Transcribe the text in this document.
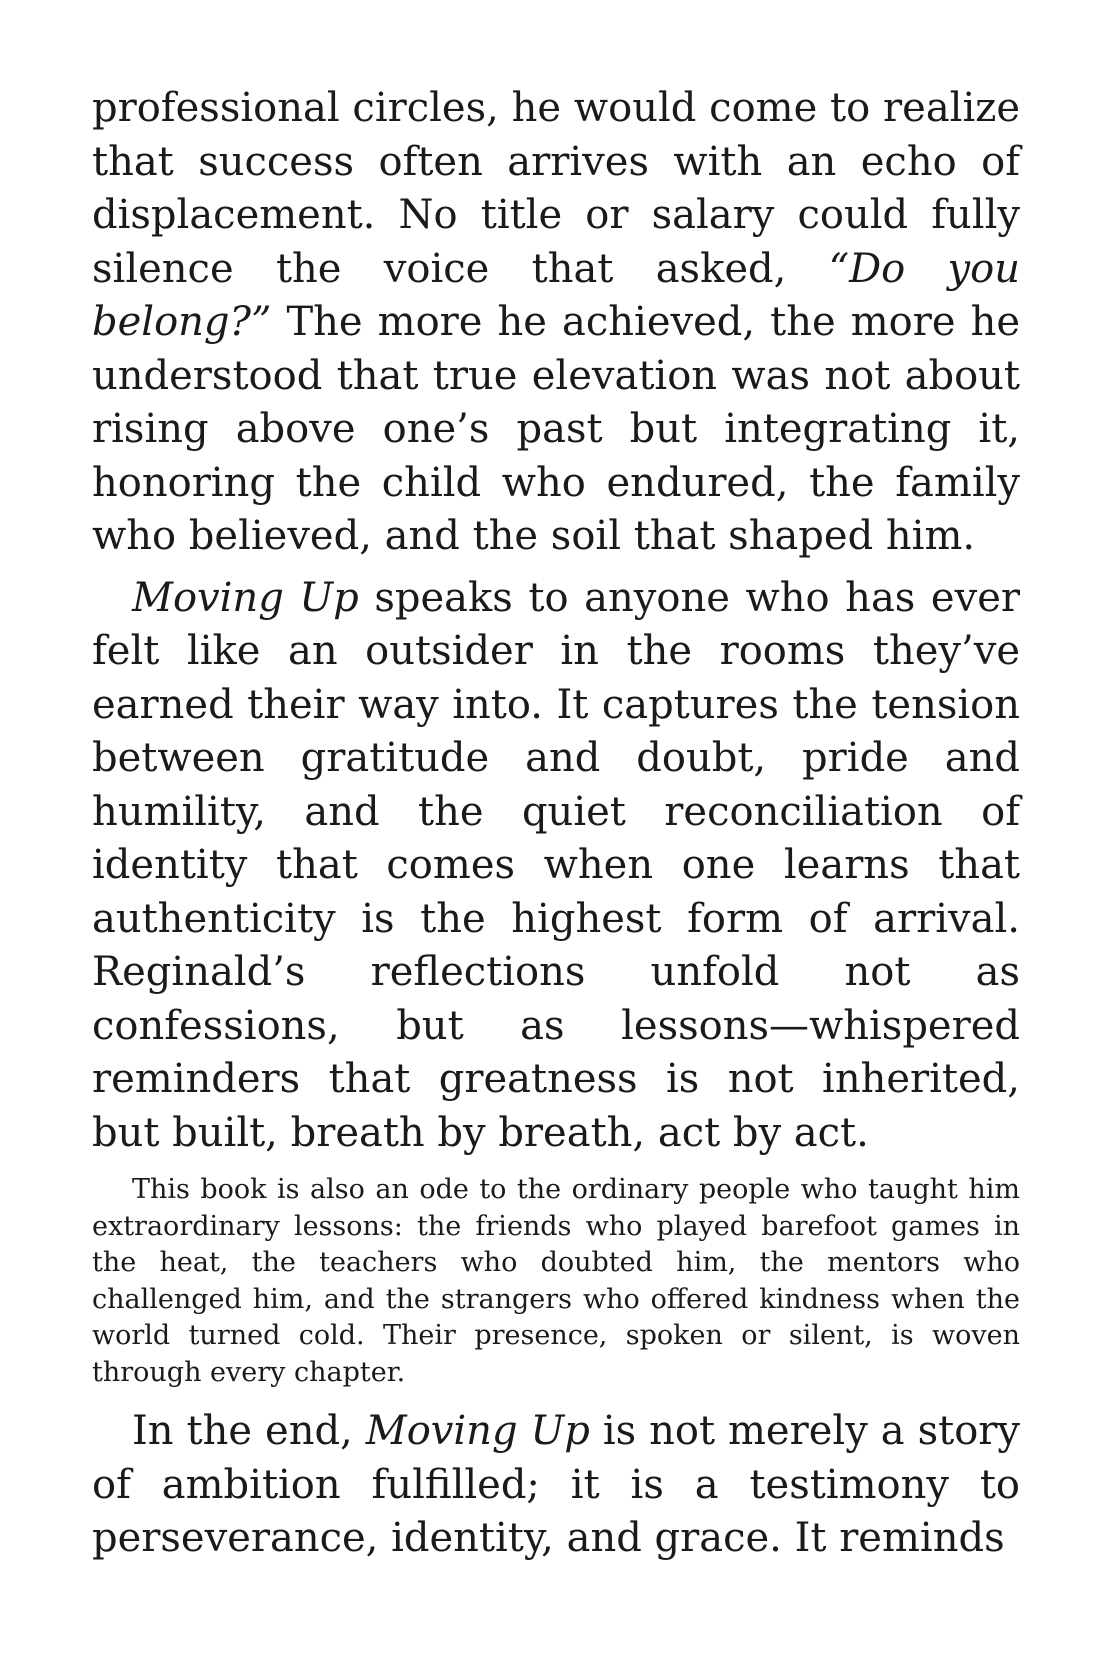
professional circles, he would come to realize that success often arrives with an echo of displacement. No title or salary could fully silence the voice that asked, “Do you belong?” The more he achieved, the more he understood that true elevation was not about rising above one’s past but integrating it, honoring the child who endured, the family who believed, and the soil that shaped him.

Moving Up speaks to anyone who has ever felt like an outsider in the rooms they’ve earned their way into. It captures the tension between gratitude and doubt, pride and humility, and the quiet reconciliation of identity that comes when one learns that authenticity is the highest form of arrival. Reginald’s reflections unfold not as confessions, but as lessons—whispered reminders that greatness is not inherited, but built, breath by breath, act by act.

This book is also an ode to the ordinary people who taught him extraordinary lessons: the friends who played barefoot games in the heat, the teachers who doubted him, the mentors who challenged him, and the strangers who offered kindness when the world turned cold. Their presence, spoken or silent, is woven through every chapter.

In the end, Moving Up is not merely a story of ambition fulfilled; it is a testimony to perseverance, identity, and grace. It reminds
